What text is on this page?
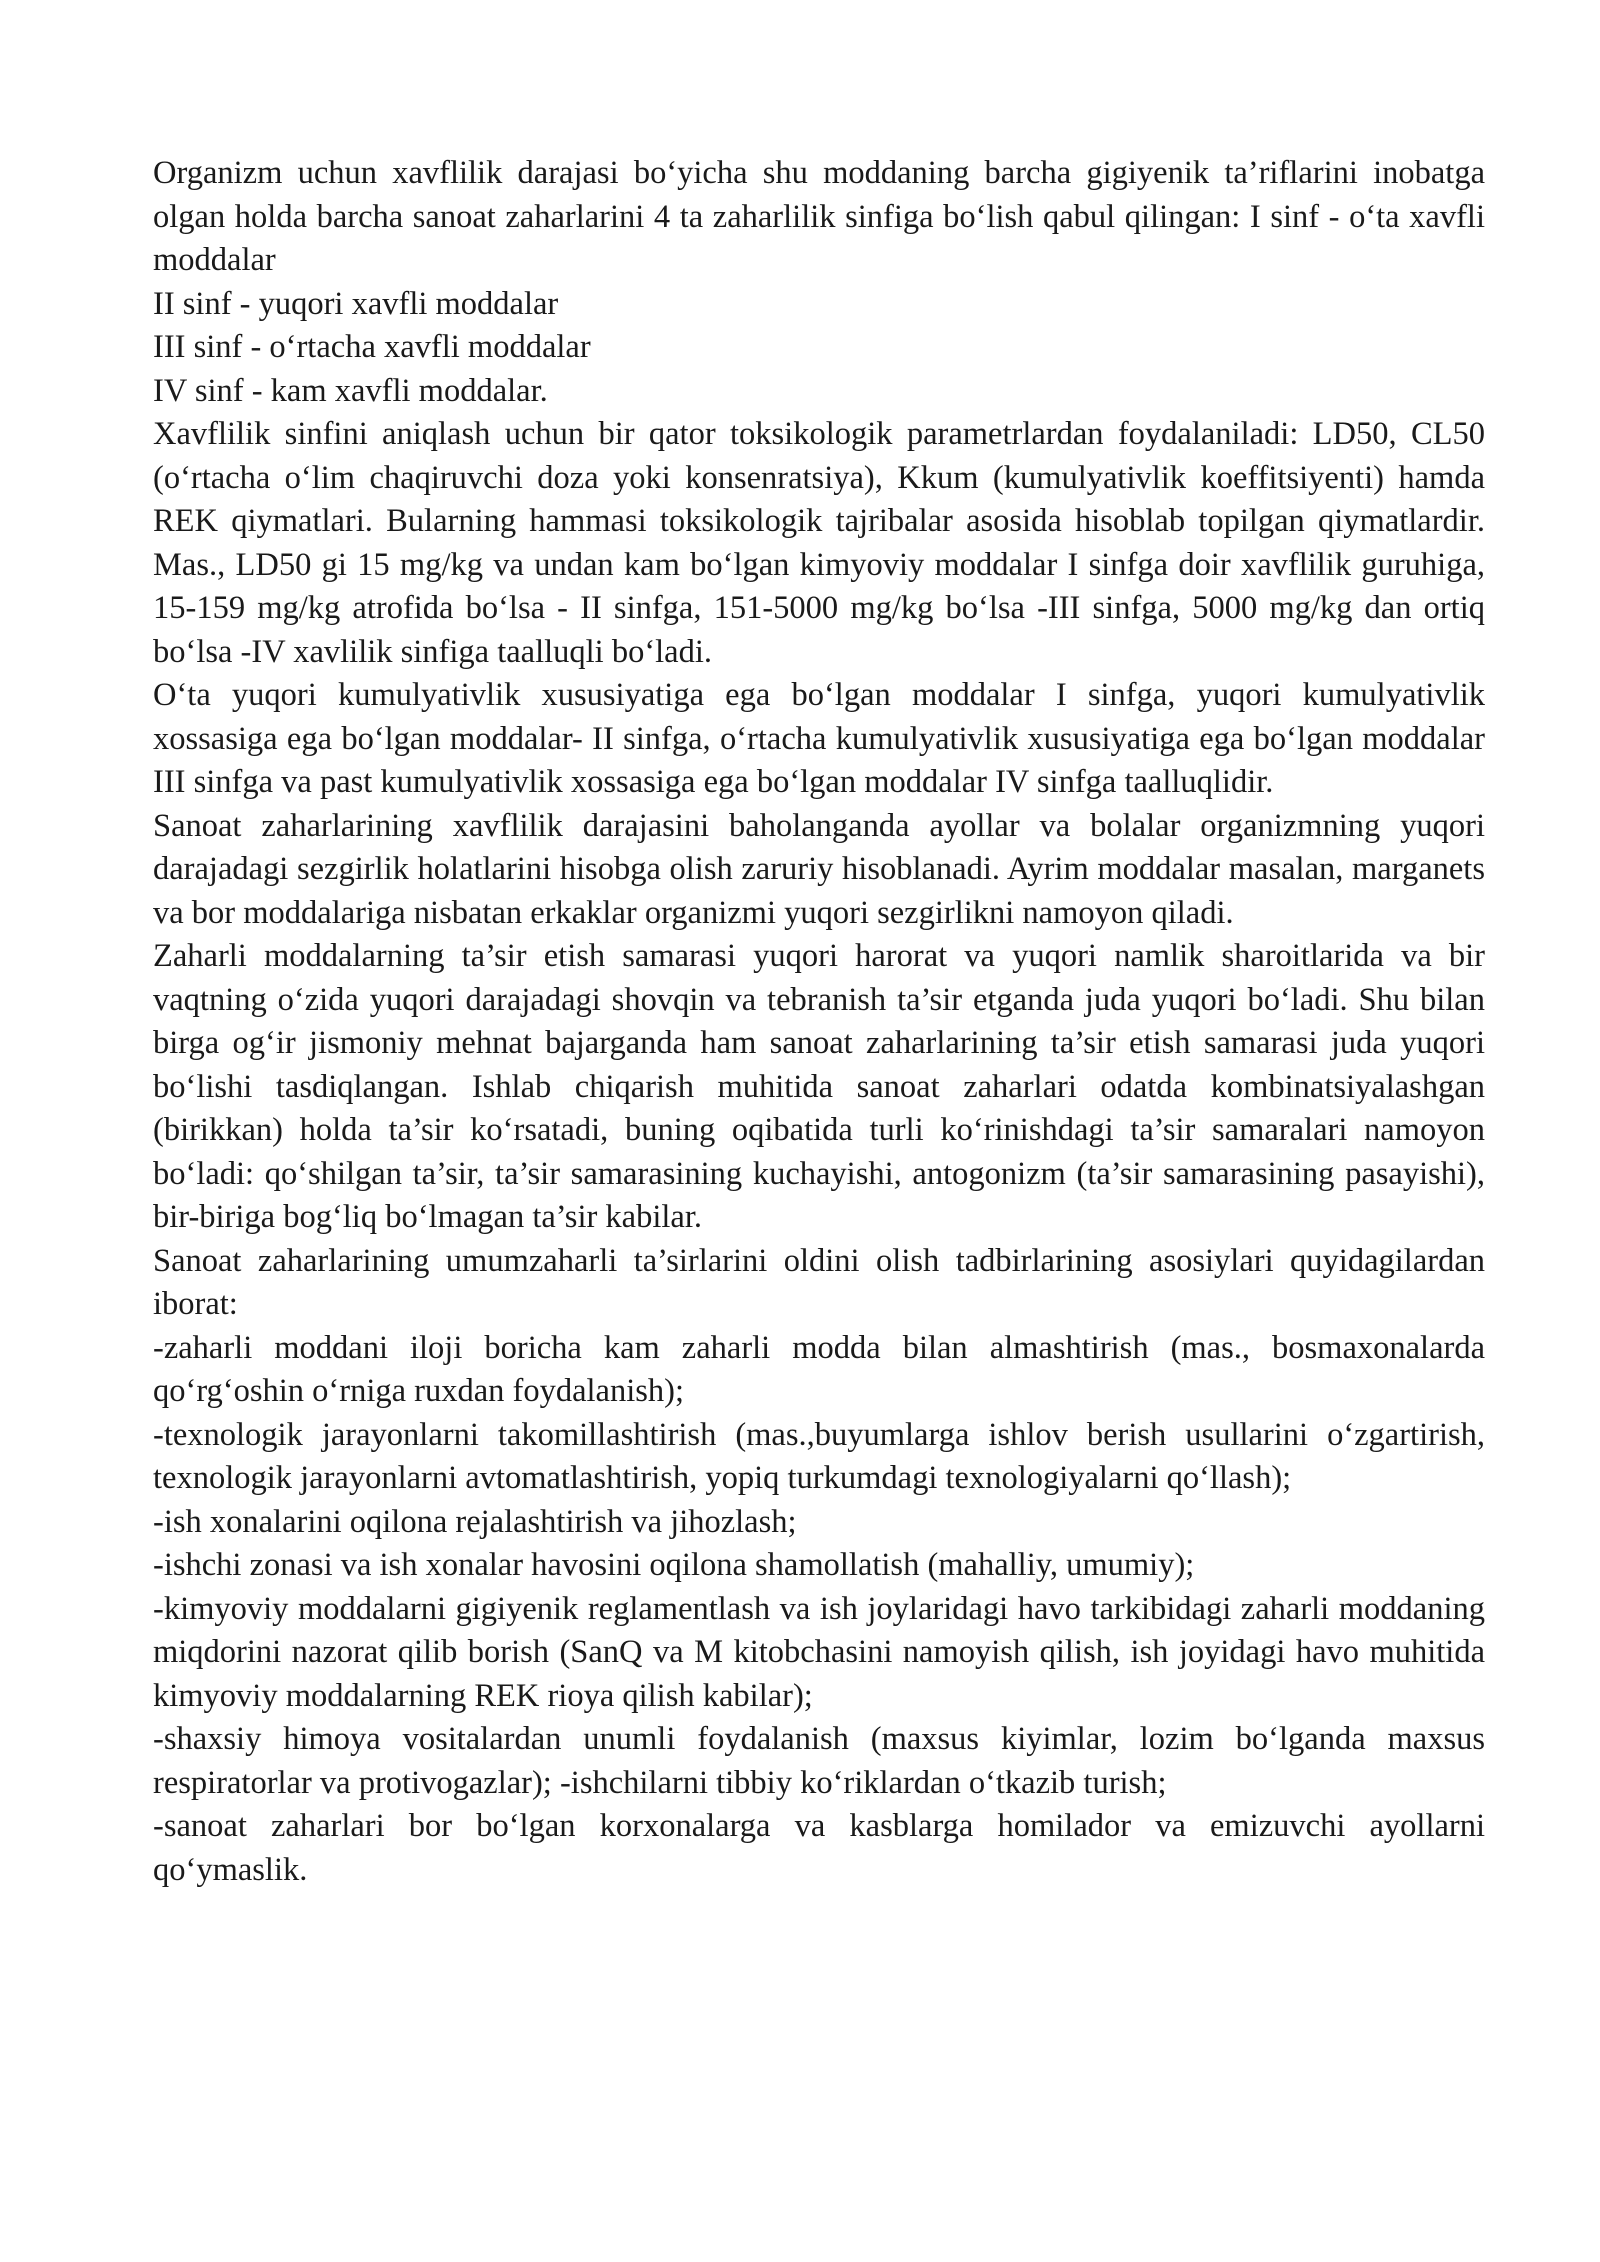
Organizm uchun xavflilik darajasi bo‘yicha shu moddaning barcha gigiyenik ta’riflarini inobatga olgan holda barcha sanoat zaharlarini 4 ta zaharlilik sinfiga bo‘lish qabul qilingan: I sinf - o‘ta xavfli moddalar

II sinf - yuqori xavfli moddalar

III sinf - o‘rtacha xavfli moddalar

IV sinf - kam xavfli moddalar.

Xavflilik sinfini aniqlash uchun bir qator toksikologik parametrlardan foydalaniladi: LD50, CL50 (o‘rtacha o‘lim chaqiruvchi doza yoki konsenratsiya), Kkum (kumulyativlik koeffitsiyenti) hamda REK qiymatlari. Bularning hammasi toksikologik tajribalar asosida hisoblab topilgan qiymatlardir. Mas., LD50 gi 15 mg/kg va undan kam bo‘lgan kimyoviy moddalar I sinfga doir xavflilik guruhiga, 15-159 mg/kg atrofida bo‘lsa - II sinfga, 151-5000 mg/kg bo‘lsa -III sinfga, 5000 mg/kg dan ortiq bo‘lsa -IV xavlilik sinfiga taalluqli bo‘ladi.

O‘ta yuqori kumulyativlik xususiyatiga ega bo‘lgan moddalar I sinfga, yuqori kumulyativlik xossasiga ega bo‘lgan moddalar- II sinfga, o‘rtacha kumulyativlik xususiyatiga ega bo‘lgan moddalar III sinfga va past kumulyativlik xossasiga ega bo‘lgan moddalar IV sinfga taalluqlidir.

Sanoat zaharlarining xavflilik darajasini baholanganda ayollar va bolalar organizmning yuqori darajadagi sezgirlik holatlarini hisobga olish zaruriy hisoblanadi. Ayrim moddalar masalan, marganets va bor moddalariga nisbatan erkaklar organizmi yuqori sezgirlikni namoyon qiladi.

Zaharli moddalarning ta’sir etish samarasi yuqori harorat va yuqori namlik sharoitlarida va bir vaqtning o‘zida yuqori darajadagi shovqin va tebranish ta’sir etganda juda yuqori bo‘ladi. Shu bilan birga og‘ir jismoniy mehnat bajarganda ham sanoat zaharlarining ta’sir etish samarasi juda yuqori bo‘lishi tasdiqlangan. Ishlab chiqarish muhitida sanoat zaharlari odatda kombinatsiyalashgan (birikkan) holda ta’sir ko‘rsatadi, buning oqibatida turli ko‘rinishdagi ta’sir samaralari namoyon bo‘ladi: qo‘shilgan ta’sir, ta’sir samarasining kuchayishi, antogonizm (ta’sir samarasining pasayishi), bir-biriga bog‘liq bo‘lmagan ta’sir kabilar.

Sanoat zaharlarining umumzaharli ta’sirlarini oldini olish tadbirlarining asosiylari quyidagilardan iborat:

-zaharli moddani iloji boricha kam zaharli modda bilan almashtirish (mas., bosmaxonalarda qo‘rg‘oshin o‘rniga ruxdan foydalanish);

-texnologik jarayonlarni takomillashtirish (mas.,buyumlarga ishlov berish usullarini o‘zgartirish, texnologik jarayonlarni avtomatlashtirish, yopiq turkumdagi texnologiyalarni qo‘llash);

-ish xonalarini oqilona rejalashtirish va jihozlash;

-ishchi zonasi va ish xonalar havosini oqilona shamollatish (mahalliy, umumiy);

-kimyoviy moddalarni gigiyenik reglamentlash va ish joylaridagi havo tarkibidagi zaharli moddaning miqdorini nazorat qilib borish (SanQ va M kitobchasini namoyish qilish, ish joyidagi havo muhitida kimyoviy moddalarning REK rioya qilish kabilar);

-shaxsiy himoya vositalardan unumli foydalanish (maxsus kiyimlar, lozim bo‘lganda maxsus respiratorlar va protivogazlar); -ishchilarni tibbiy ko‘riklardan o‘tkazib turish;

-sanoat zaharlari bor bo‘lgan korxonalarga va kasblarga homilador va emizuvchi ayollarni qo‘ymaslik.
